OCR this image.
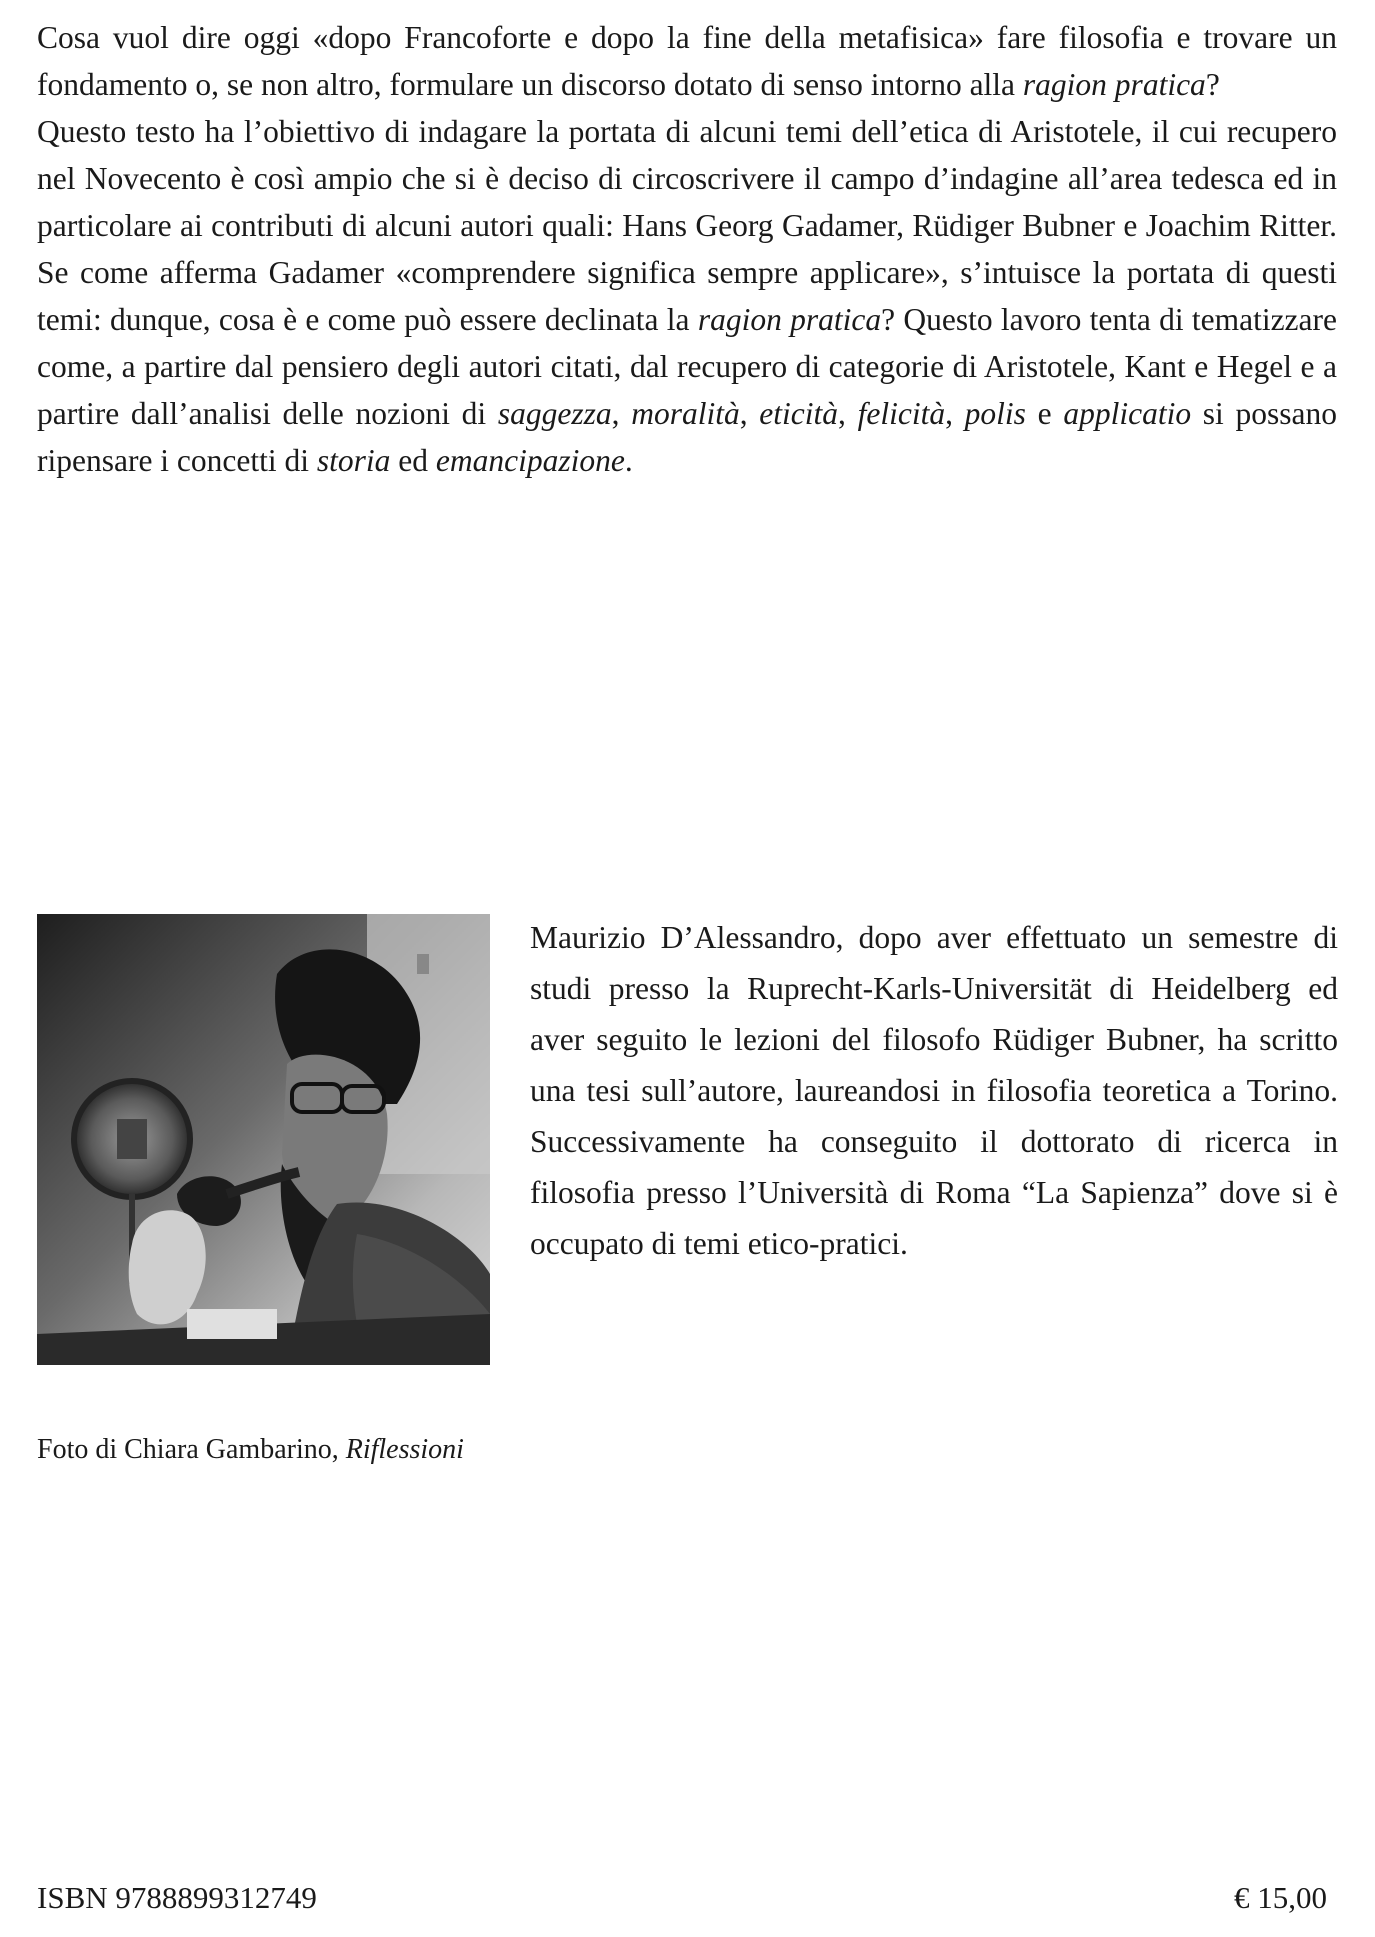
Cosa vuol dire oggi «dopo Francoforte e dopo la fine della metafisica» fare filosofia e trovare un fondamento o, se non altro, formulare un discorso dotato di senso intorno alla ragion pratica?

Questo testo ha l’obiettivo di indagare la portata di alcuni temi dell’etica di Aristotele, il cui recupero nel Novecento è così ampio che si è deciso di circoscrivere il campo d’indagine all’area tedesca ed in particolare ai contributi di alcuni autori quali: Hans Georg Gadamer, Rüdiger Bubner e Joachim Ritter. Se come afferma Gadamer «comprendere significa sempre applicare», s’intuisce la portata di questi temi: dunque, cosa è e come può essere declinata la ragion pratica? Questo lavoro tenta di tematizzare come, a partire dal pensiero degli autori citati, dal recupero di categorie di Aristotele, Kant e Hegel e a partire dall’analisi delle nozioni di saggezza, moralità, eticità, felicità, polis e applicatio si possano ripensare i concetti di storia ed emancipazione.

Maurizio D’Alessandro, dopo aver effettuato un semestre di studi presso la Ruprecht-Karls-Universität di Heidelberg ed aver seguito le lezioni del filosofo Rüdiger Bubner, ha scritto una tesi sull’autore, laureandosi in filosofia teoretica a Torino. Successivamente ha conseguito il dottorato di ricerca in filosofia presso l’Università di Roma “La Sapienza” dove si è occupato di temi etico-pratici.

Foto di Chiara Gambarino, Riflessioni

ISBN 9788899312749	€ 15,00
